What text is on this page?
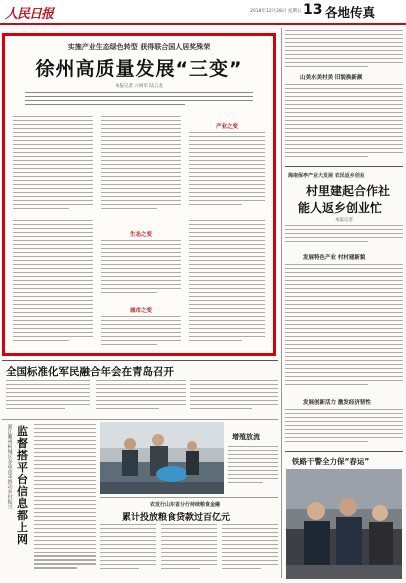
人民日报	2018年12月28日 星期五 13 各地传真
实施产业生态绿色转型 获得联合国人居奖殊荣
徐州高质量发展“三变”
本报记者 亓树军 陆云龙
产业之变
生态之变
城市之变
山美水美村美 旧貌换新颜
海南保亭产业大发展 农民返乡创业
村里建起合作社
能人返乡创业忙
本报记者
发展特色产业 村村建新貌
发展创新活力 激发经济韧性
铁路干警全力保“春运”
全国标准化军民融合年会在青岛召开
浙江衢州柯城区多项改革推动乡村振兴 监
督
搭
平
台
信
息
都
上
网
增殖放流
农发行山东省分行持续粮食金融
累计投放粮食贷款过百亿元
